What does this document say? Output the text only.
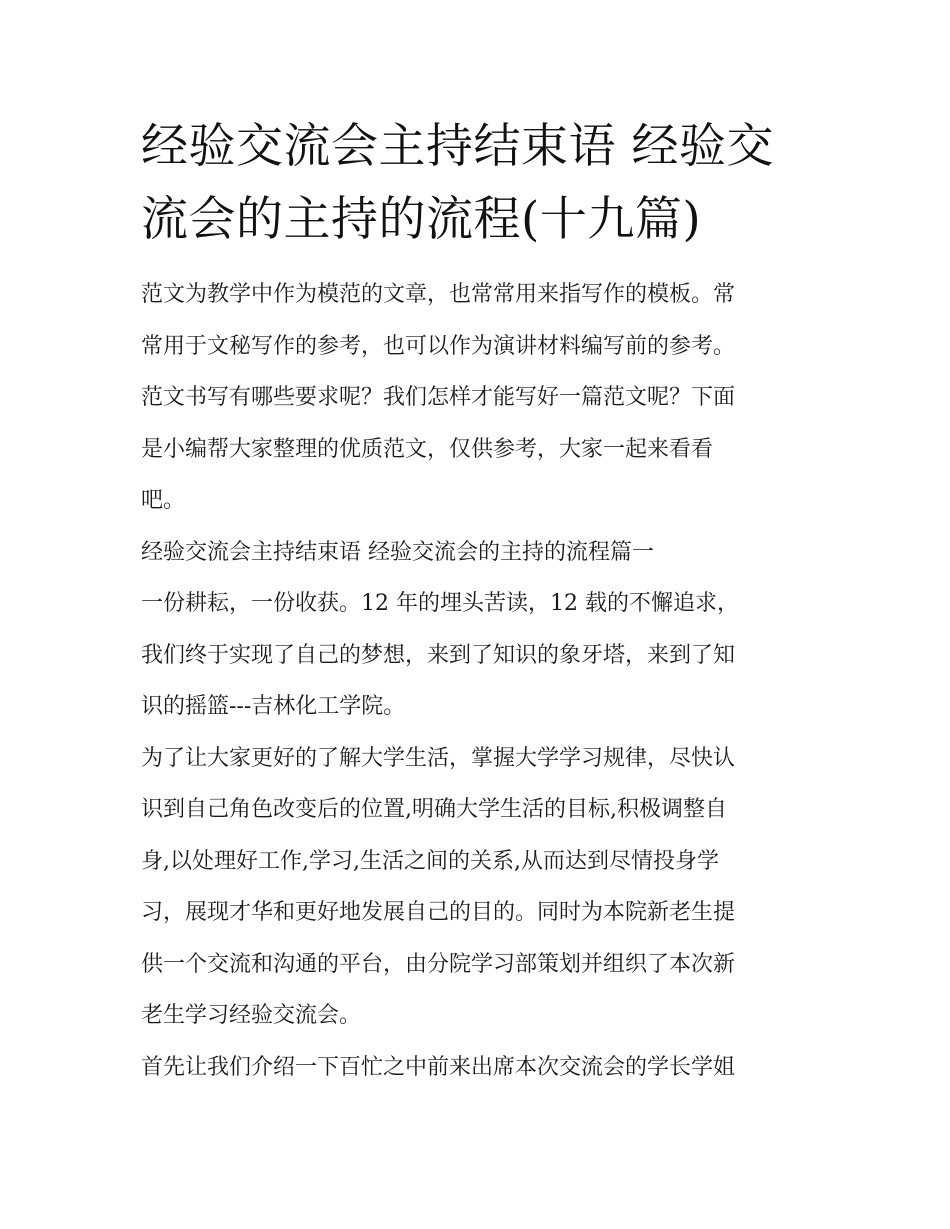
经验交流会主持结束语 经验交
流会的主持的流程(十九篇)

范文为教学中作为模范的文章，也常常用来指写作的模板。常
常用于文秘写作的参考，也可以作为演讲材料编写前的参考。
范文书写有哪些要求呢？我们怎样才能写好一篇范文呢？下面
是小编帮大家整理的优质范文，仅供参考，大家一起来看看
吧。

经验交流会主持结束语 经验交流会的主持的流程篇一

一份耕耘，一份收获。12 年的埋头苦读，12 载的不懈追求，
我们终于实现了自己的梦想，来到了知识的象牙塔，来到了知
识的摇篮---吉林化工学院。

为了让大家更好的了解大学生活，掌握大学学习规律，尽快认
识到自己角色改变后的位置,明确大学生活的目标,积极调整自
身,以处理好工作,学习,生活之间的关系,从而达到尽情投身学
习，展现才华和更好地发展自己的目的。同时为本院新老生提
供一个交流和沟通的平台，由分院学习部策划并组织了本次新
老生学习经验交流会。

首先让我们介绍一下百忙之中前来出席本次交流会的学长学姐
